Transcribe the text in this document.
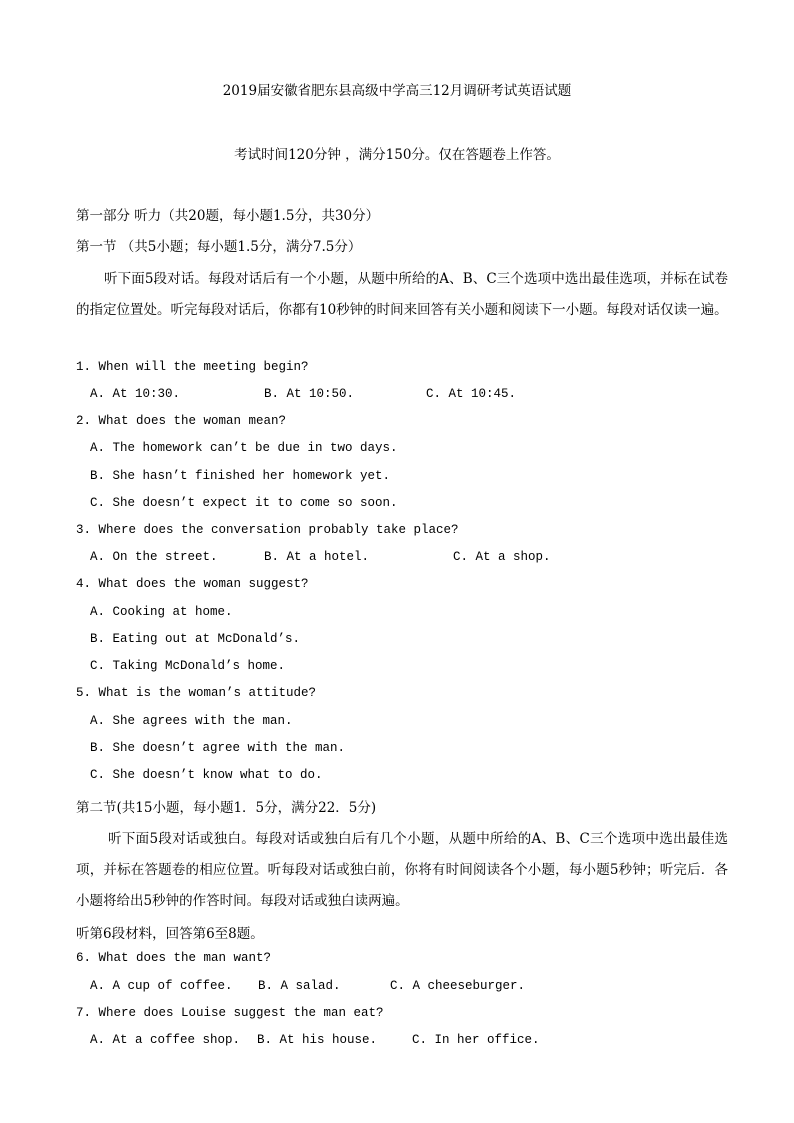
2019届安徽省肥东县高级中学高三12月调研考试英语试题
考试时间120分钟 ，满分150分。仅在答题卷上作答。
第一部分 听力（共20题，每小题1.5分，共30分）
第一节 （共5小题；每小题1.5分，满分7.5分）
听下面5段对话。每段对话后有一个小题，从题中所给的A、B、C三个选项中选出最佳选项，并标在试卷的指定位置处。听完每段对话后，你都有10秒钟的时间来回答有关小题和阅读下一小题。每段对话仅读一遍。
1. When will the meeting begin?
A. At 10:30.	B. At 10:50.	C. At 10:45.
2. What does the woman mean?
A. The homework can’t be due in two days.
B. She hasn’t finished her homework yet.
C. She doesn’t expect it to come so soon.
3. Where does the conversation probably take place?
A. On the street.	B. At a hotel.	C. At a shop.
4. What does the woman suggest?
A. Cooking at home.
B. Eating out at McDonald’s.
C. Taking McDonald’s home.
5. What is the woman’s attitude?
A. She agrees with the man.
B. She doesn’t agree with the man.
C. She doesn’t know what to do.
第二节(共15小题，每小题1．5分，满分22．5分)
听下面5段对话或独白。每段对话或独白后有几个小题，从题中所给的A、B、C三个选项中选出最佳选项，并标在答题卷的相应位置。听每段对话或独白前，你将有时间阅读各个小题，每小题5秒钟；听完后．各小题将给出5秒钟的作答时间。每段对话或独白读两遍。
听第6段材料，回答第6至8题。
6. What does the man want?
A. A cup of coffee. B. A salad.	C. A cheeseburger.
7. Where does Louise suggest the man eat?
A. At a coffee shop. B. At his house.	C. In her office.
